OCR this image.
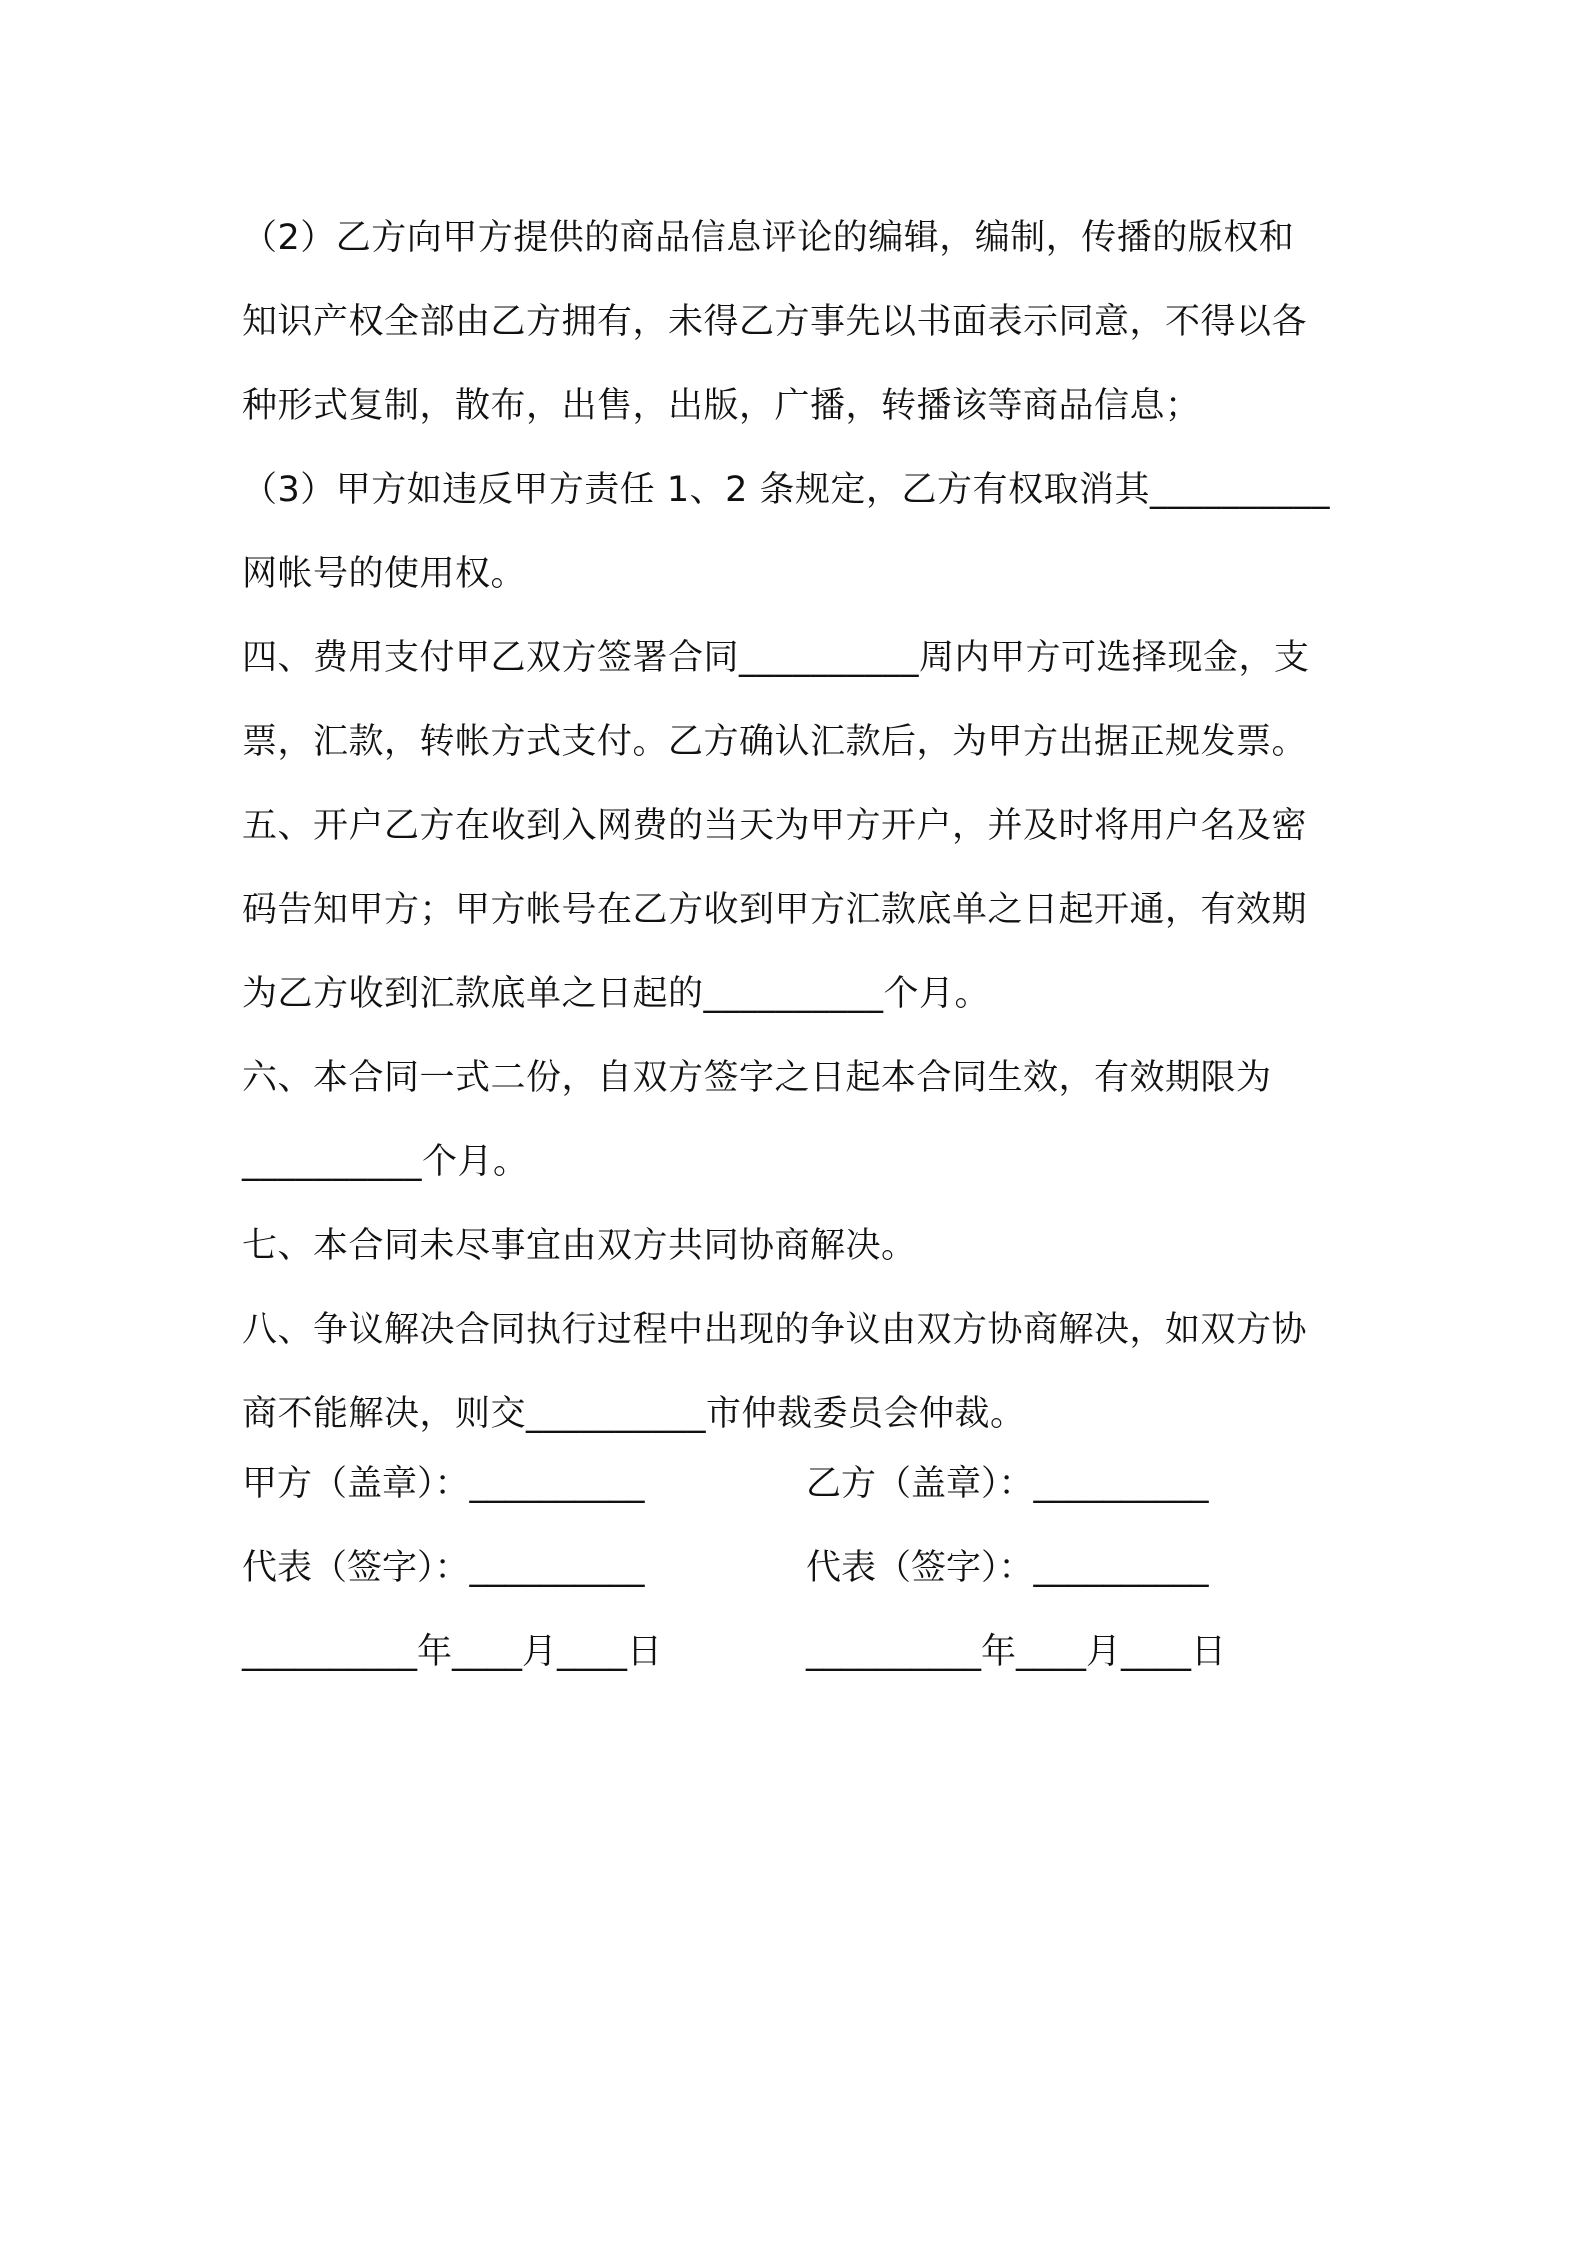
（2）乙方向甲方提供的商品信息评论的编辑，编制，传播的版权和
知识产权全部由乙方拥有，未得乙方事先以书面表示同意，不得以各
种形式复制，散布，出售，出版，广播，转播该等商品信息；
（3）甲方如违反甲方责任 1、2 条规定，乙方有权取消其__________
网帐号的使用权。
四、费用支付甲乙双方签署合同__________周内甲方可选择现金，支
票，汇款，转帐方式支付。乙方确认汇款后，为甲方出据正规发票。
五、开户乙方在收到入网费的当天为甲方开户，并及时将用户名及密
码告知甲方；甲方帐号在乙方收到甲方汇款底单之日起开通，有效期
为乙方收到汇款底单之日起的__________个月。
六、本合同一式二份，自双方签字之日起本合同生效，有效期限为
__________个月。
七、本合同未尽事宜由双方共同协商解决。
八、争议解决合同执行过程中出现的争议由双方协商解决，如双方协
商不能解决，则交__________市仲裁委员会仲裁。
甲方（盖章）：__________	乙方（盖章）：__________
代表（签字）：__________	代表（签字）：__________
__________年____月____日	__________年____月____日
